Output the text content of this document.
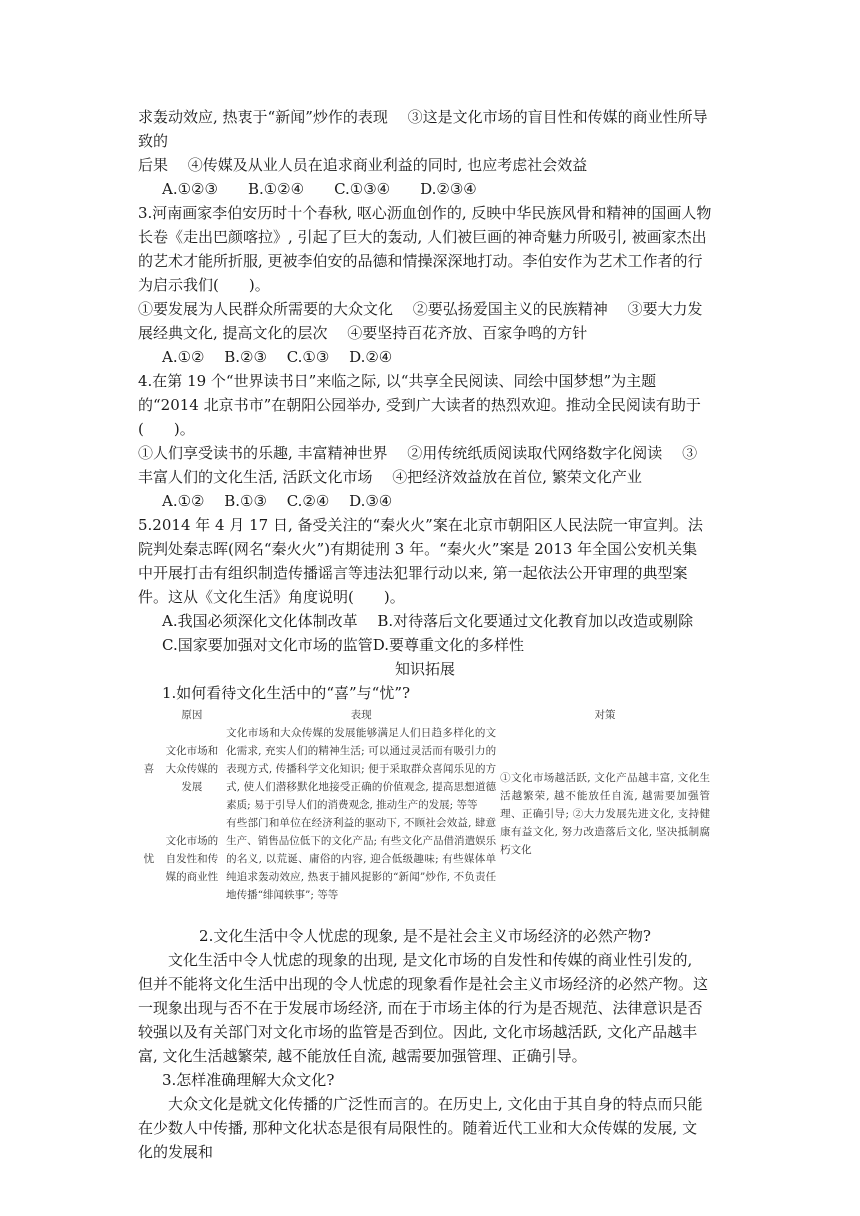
求轰动效应, 热衷于“新闻”炒作的表现 　③这是文化市场的盲目性和传媒的商业性所导致的

后果 　④传媒及从业人员在追求商业利益的同时, 也应考虑社会效益

A.①②③　　B.①②④　　C.①③④　　D.②③④

3.河南画家李伯安历时十个春秋, 呕心沥血创作的, 反映中华民族风骨和精神的国画人物长卷《走出巴颜喀拉》, 引起了巨大的轰动, 人们被巨画的神奇魅力所吸引, 被画家杰出的艺术才能所折服, 更被李伯安的品德和情操深深地打动。李伯安作为艺术工作者的行为启示我们(　　)。

①要发展为人民群众所需要的大众文化 　②要弘扬爱国主义的民族精神 　③要大力发展经典文化, 提高文化的层次 　④要坚持百花齐放、百家争鸣的方针

A.①② 　B.②③ 　C.①③ 　D.②④

4.在第 19 个“世界读书日”来临之际, 以“共享全民阅读、同绘中国梦想”为主题的“2014 北京书市”在朝阳公园举办, 受到广大读者的热烈欢迎。推动全民阅读有助于(　　)。

①人们享受读书的乐趣, 丰富精神世界 　②用传统纸质阅读取代网络数字化阅读 　③丰富人们的文化生活, 活跃文化市场 　④把经济效益放在首位, 繁荣文化产业

A.①② 　B.①③ 　C.②④ 　D.③④

5.2014 年 4 月 17 日, 备受关注的“秦火火”案在北京市朝阳区人民法院一审宣判。法院判处秦志晖(网名“秦火火”)有期徒刑 3 年。“秦火火”案是 2013 年全国公安机关集中开展打击有组织制造传播谣言等违法犯罪行动以来, 第一起依法公开审理的典型案件。这从《文化生活》角度说明(　　)。

A.我国必须深化文化体制改革 　B.对待落后文化要通过文化教育加以改造或剔除

C.国家要加强对文化市场的监管D.要尊重文化的多样性

知识拓展

1.如何看待文化生活中的“喜”与“忧”?

	原因	表现	对策
喜	文化市场和大众传媒的发展	文化市场和大众传媒的发展能够满足人们日趋多样化的文化需求, 充实人们的精神生活; 可以通过灵活而有吸引力的表现方式, 传播科学文化知识; 便于采取群众喜闻乐见的方式, 使人们潜移默化地接受正确的价值观念, 提高思想道德素质; 易于引导人们的消费观念, 推动生产的发展; 等等	①文化市场越活跃, 文化产品越丰富, 文化生活越繁荣, 越不能放任自流, 越需要加强管理、正确引导; ②大力发展先进文化, 支持健康有益文化, 努力改造落后文化, 坚决抵制腐朽文化
忧	文化市场的自发性和传媒的商业性	有些部门和单位在经济利益的驱动下, 不顾社会效益, 肆意生产、销售品位低下的文化产品; 有些文化产品借消遣娱乐的名义, 以荒诞、庸俗的内容, 迎合低级趣味; 有些媒体单纯追求轰动效应, 热衷于捕风捉影的“新闻”炒作, 不负责任地传播“绯闻轶事”; 等等	

2.文化生活中令人忧虑的现象, 是不是社会主义市场经济的必然产物?

文化生活中令人忧虑的现象的出现, 是文化市场的自发性和传媒的商业性引发的, 但并不能将文化生活中出现的令人忧虑的现象看作是社会主义市场经济的必然产物。这一现象出现与否不在于发展市场经济, 而在于市场主体的行为是否规范、法律意识是否较强以及有关部门对文化市场的监管是否到位。因此, 文化市场越活跃, 文化产品越丰富, 文化生活越繁荣, 越不能放任自流, 越需要加强管理、正确引导。

3.怎样准确理解大众文化?

大众文化是就文化传播的广泛性而言的。在历史上, 文化由于其自身的特点而只能在少数人中传播, 那种文化状态是很有局限性的。随着近代工业和大众传媒的发展, 文化的发展和
